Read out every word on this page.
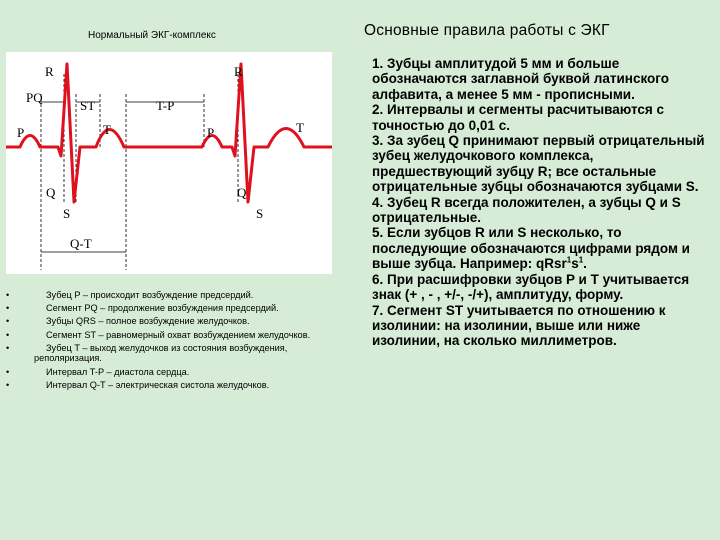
Нормальный ЭКГ-комплекс	Основные правила работы с ЭКГ
R
PQ
ST	T-P
R
P	T	P	T
Q
S
Q
S
Q-T
•	Зубец P – происходит возбуждение предсердий.
•	Сегмент PQ – продолжение возбуждения предсердий.
•	Зубцы QRS – полное возбуждение желудочков.
•	Сегмент ST – равномерный охват возбуждением желудочков.
•	Зубец T – выход желудочков из состояния возбуждения, реполяризация.
•	Интервал T-P – диастола сердца.
•	Интервал Q-T – электрическая систола желудочков.

1. Зубцы амплитудой 5 мм и больше обозначаются заглавной буквой латинского алфавита, а менее 5 мм - прописными.

2. Интервалы и сегменты расчитываются с точностью до 0,01 с.

3. За зубец Q принимают первый отрицательный зубец желудочкового комплекса, предшествующий зубцу R; все остальные отрицательные зубцы обозначаются зубцами S.

4. Зубец R всегда положителен, а зубцы Q и S отрицательные.

5. Если зубцов R или S несколько, то последующие обозначаются цифрами рядом и выше зубца. Например: $qRsr^1s^1$.

6. При расшифровки зубцов P и T учитывается знак (+ , - , +/-, -/+), амплитуду, форму.

7. Сегмент ST учитывается по отношению к изолинии: на изолинии, выше или ниже изолинии, на сколько миллиметров.
